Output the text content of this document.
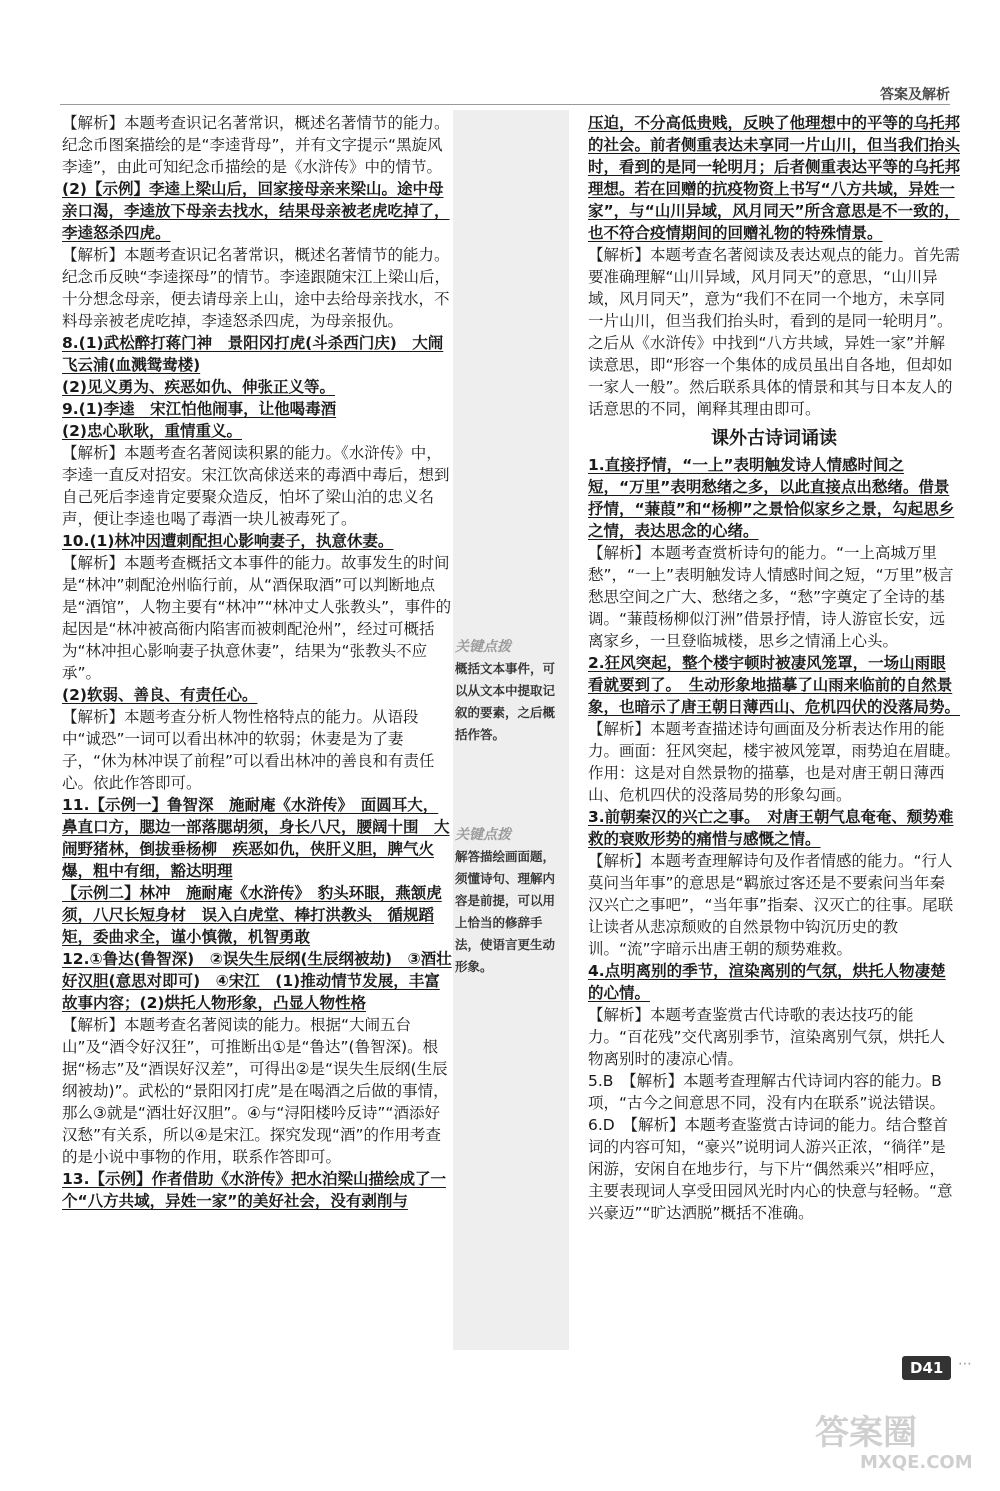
答案及解析

【解析】本题考查识记名著常识，概述名著情节的能力。纪念币图案描绘的是“李逵背母”，并有文字提示“黑旋风李逵”，由此可知纪念币描绘的是《水浒传》中的情节。

(2)【示例】李逵上梁山后，回家接母亲来梁山。途中母亲口渴，李逵放下母亲去找水，结果母亲被老虎吃掉了，李逵怒杀四虎。

【解析】本题考查识记名著常识，概述名著情节的能力。纪念币反映“李逵探母”的情节。李逵跟随宋江上梁山后，十分想念母亲，便去请母亲上山，途中去给母亲找水，不料母亲被老虎吃掉，李逵怒杀四虎，为母亲报仇。

8.(1)武松醉打蒋门神　景阳冈打虎(斗杀西门庆)　大闹飞云浦(血溅鸳鸯楼)

(2)见义勇为、疾恶如仇、伸张正义等。

9.(1)李逵　宋江怕他闹事，让他喝毒酒

(2)忠心耿耿，重情重义。

【解析】本题考查名著阅读积累的能力。《水浒传》中，李逵一直反对招安。宋江饮高俅送来的毒酒中毒后，想到自己死后李逵肯定要聚众造反，怕坏了梁山泊的忠义名声，便让李逵也喝了毒酒一块儿被毒死了。

10.(1)林冲因遭刺配担心影响妻子，执意休妻。

【解析】本题考查概括文本事件的能力。故事发生的时间是“林冲”刺配沧州临行前，从“酒保取酒”可以判断地点是“酒馆”，人物主要有“林冲”“林冲丈人张教头”，事件的起因是“林冲被高衙内陷害而被刺配沧州”，经过可概括为“林冲担心影响妻子执意休妻”，结果为“张教头不应承”。

(2)软弱、善良、有责任心。

【解析】本题考查分析人物性格特点的能力。从语段中“诚恐”一词可以看出林冲的软弱；休妻是为了妻子，“休为林冲误了前程”可以看出林冲的善良和有责任心。依此作答即可。

11.【示例一】鲁智深　施耐庵《水浒传》　面圆耳大，鼻直口方，腮边一部落腮胡须，身长八尺，腰阔十围　大闹野猪林，倒拔垂杨柳　疾恶如仇，侠肝义胆，脾气火爆，粗中有细，豁达明理

【示例二】林冲　施耐庵《水浒传》　豹头环眼，燕颔虎须，八尺长短身材　误入白虎堂、棒打洪教头　循规蹈矩，委曲求全，谨小慎微，机智勇敢

12.①鲁达(鲁智深)　②误失生辰纲(生辰纲被劫)　③酒壮好汉胆(意思对即可)　④宋江　(1)推动情节发展，丰富故事内容；(2)烘托人物形象，凸显人物性格

【解析】本题考查名著阅读的能力。根据“大闹五台山”及“酒令好汉狂”，可推断出①是“鲁达”(鲁智深)。根据“杨志”及“酒误好汉差”，可得出②是“误失生辰纲(生辰纲被劫)”。武松的“景阳冈打虎”是在喝酒之后做的事情，那么③就是“酒壮好汉胆”。④与“浔阳楼吟反诗”“酒添好汉愁”有关系，所以④是宋江。探究发现“酒”的作用考查的是小说中事物的作用，联系作答即可。

13.【示例】作者借助《水浒传》把水泊梁山描绘成了一个“八方共域，异姓一家”的美好社会，没有剥削与

关键点拨
概括文本事件，可以从文本中提取记叙的要素，之后概括作答。
关键点拨
解答描绘画面题，须懂诗句、理解内容是前提，可以用上恰当的修辞手法，使语言更生动形象。

压迫，不分高低贵贱，反映了他理想中的平等的乌托邦的社会。前者侧重表达未享同一片山川，但当我们抬头时，看到的是同一轮明月；后者侧重表达平等的乌托邦理想。若在回赠的抗疫物资上书写“八方共域，异姓一家”，与“山川异域，风月同天”所含意思是不一致的，也不符合疫情期间的回赠礼物的特殊情景。

【解析】本题考查名著阅读及表达观点的能力。首先需要准确理解“山川异域，风月同天”的意思，“山川异域，风月同天”，意为“我们不在同一个地方，未享同一片山川，但当我们抬头时，看到的是同一轮明月”。之后从《水浒传》中找到“八方共域，异姓一家”并解读意思，即“形容一个集体的成员虽出自各地，但却如一家人一般”。然后联系具体的情景和其与日本友人的话意思的不同，阐释其理由即可。

课外古诗词诵读

1.直接抒情，“一上”表明触发诗人情感时间之短，“万里”表明愁绪之多，以此直接点出愁绪。借景抒情，“蒹葭”和“杨柳”之景恰似家乡之景，勾起思乡之情，表达思念的心绪。

【解析】本题考查赏析诗句的能力。“一上高城万里愁”，“一上”表明触发诗人情感时间之短，“万里”极言愁思空间之广大、愁绪之多，“愁”字奠定了全诗的基调。“蒹葭杨柳似汀洲”借景抒情，诗人游宦长安，远离家乡，一旦登临城楼，思乡之情涌上心头。

2.狂风突起，整个楼宇顿时被凄风笼罩，一场山雨眼看就要到了。　生动形象地描摹了山雨来临前的自然景象，也暗示了唐王朝日薄西山、危机四伏的没落局势。

【解析】本题考查描述诗句画面及分析表达作用的能力。画面：狂风突起，楼宇被风笼罩，雨势迫在眉睫。作用：这是对自然景物的描摹，也是对唐王朝日薄西山、危机四伏的没落局势的形象勾画。

3.前朝秦汉的兴亡之事。　对唐王朝气息奄奄、颓势难救的衰败形势的痛惜与感慨之情。

【解析】本题考查理解诗句及作者情感的能力。“行人莫问当年事”的意思是“羁旅过客还是不要索问当年秦汉兴亡之事吧”，“当年事”指秦、汉灭亡的往事。尾联让读者从悲凉颓败的自然景物中钩沉历史的教训。“流”字暗示出唐王朝的颓势难救。

4.点明离别的季节，渲染离别的气氛，烘托人物凄楚的心情。

【解析】本题考查鉴赏古代诗歌的表达技巧的能力。“百花残”交代离别季节，渲染离别气氛，烘托人物离别时的凄凉心情。

5.B　【解析】本题考查理解古代诗词内容的能力。B项，“古今之间意思不同，没有内在联系”说法错误。

6.D　【解析】本题考查鉴赏古诗词的能力。结合整首词的内容可知，“豪兴”说明词人游兴正浓，“徜徉”是闲游，安闲自在地步行，与下片“偶然乘兴”相呼应，主要表现词人享受田园风光时内心的快意与轻畅。“意兴豪迈”“旷达洒脱”概括不准确。

D41	⋯
答案圈
MXQE.COM
